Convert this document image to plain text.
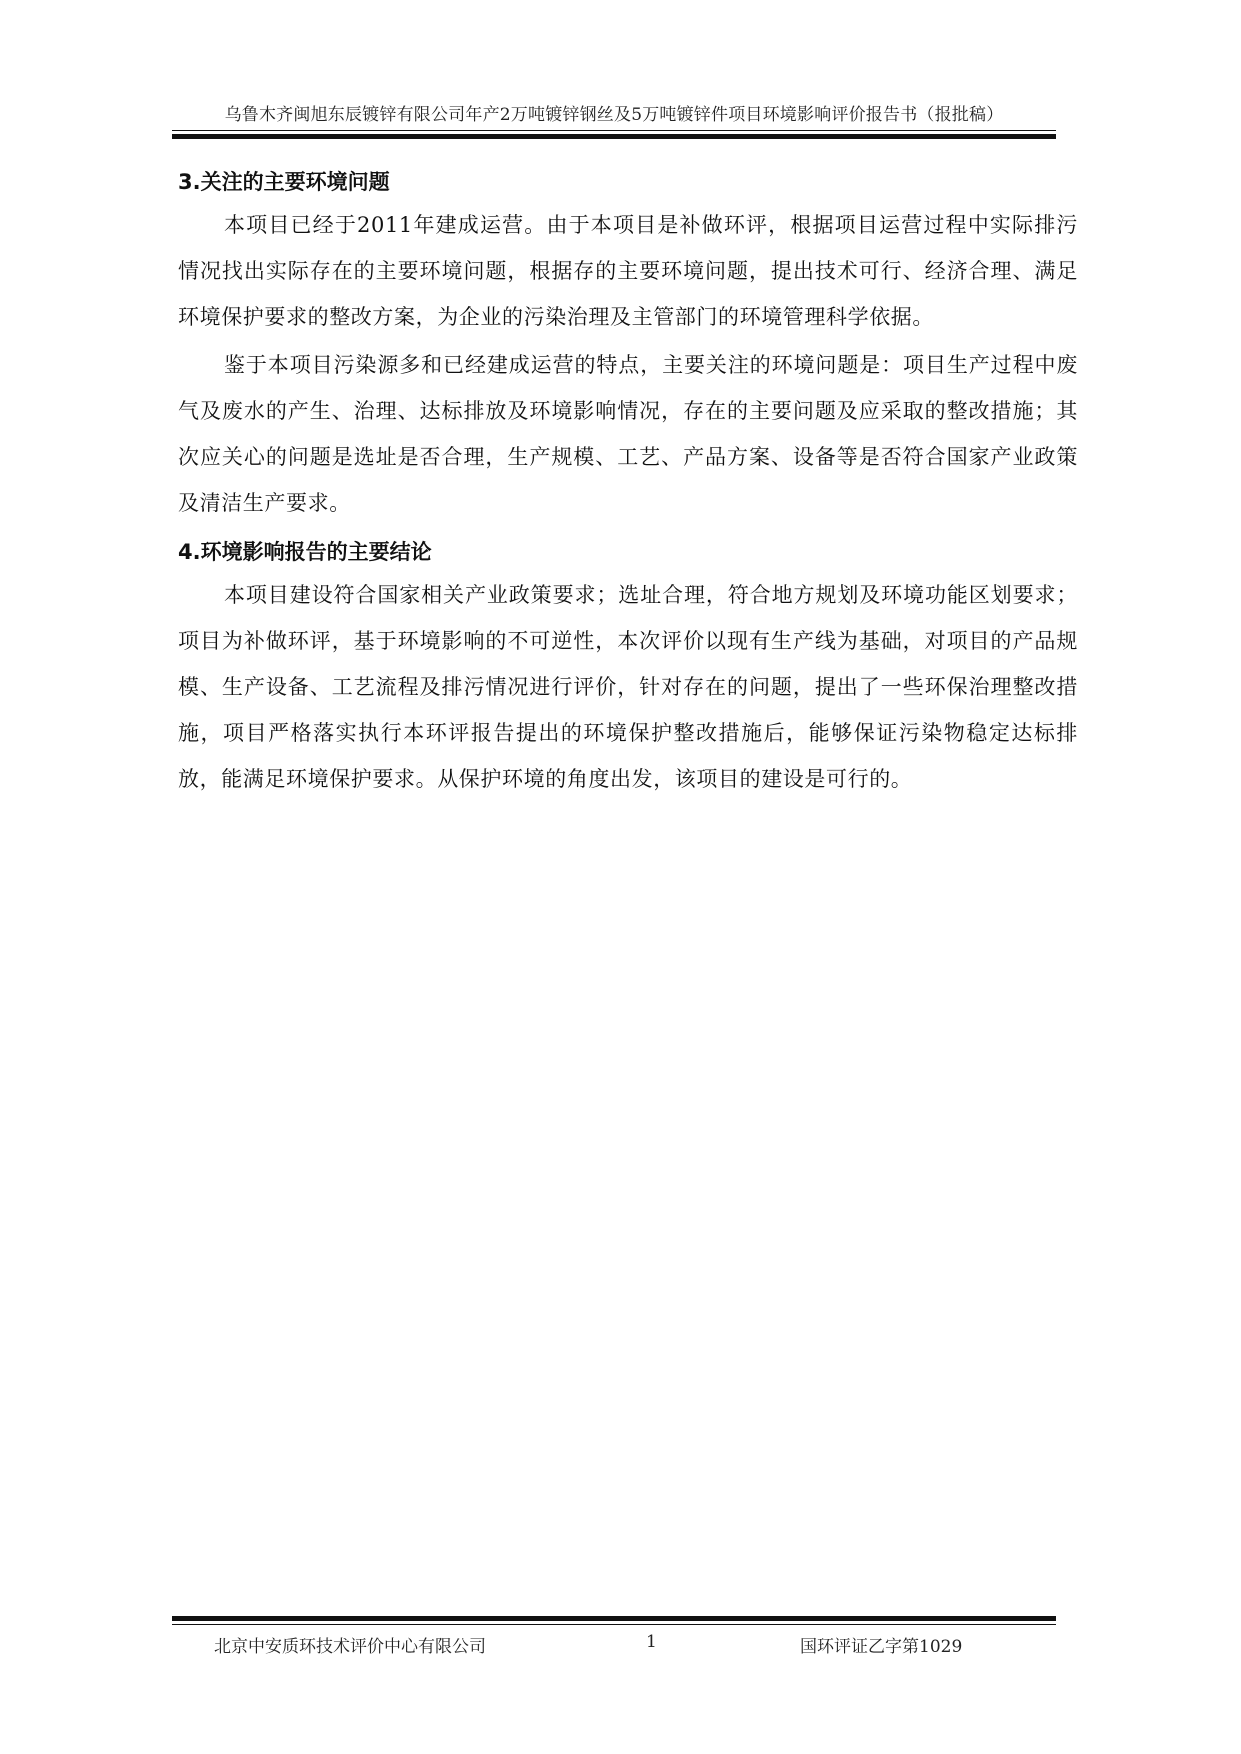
乌鲁木齐闽旭东辰镀锌有限公司年产2万吨镀锌钢丝及5万吨镀锌件项目环境影响评价报告书（报批稿）
3.关注的主要环境问题

本项目已经于2011年建成运营。由于本项目是补做环评，根据项目运营过程中实际排污情况找出实际存在的主要环境问题，根据存的主要环境问题，提出技术可行、经济合理、满足环境保护要求的整改方案，为企业的污染治理及主管部门的环境管理科学依据。

鉴于本项目污染源多和已经建成运营的特点，主要关注的环境问题是：项目生产过程中废气及废水的产生、治理、达标排放及环境影响情况，存在的主要问题及应采取的整改措施；其次应关心的问题是选址是否合理，生产规模、工艺、产品方案、设备等是否符合国家产业政策及清洁生产要求。

4.环境影响报告的主要结论

本项目建设符合国家相关产业政策要求；选址合理，符合地方规划及环境功能区划要求；项目为补做环评，基于环境影响的不可逆性，本次评价以现有生产线为基础，对项目的产品规模、生产设备、工艺流程及排污情况进行评价，针对存在的问题，提出了一些环保治理整改措施，项目严格落实执行本环评报告提出的环境保护整改措施后，能够保证污染物稳定达标排放，能满足环境保护要求。从保护环境的角度出发，该项目的建设是可行的。

北京中安质环技术评价中心有限公司	1	国环评证乙字第1029
